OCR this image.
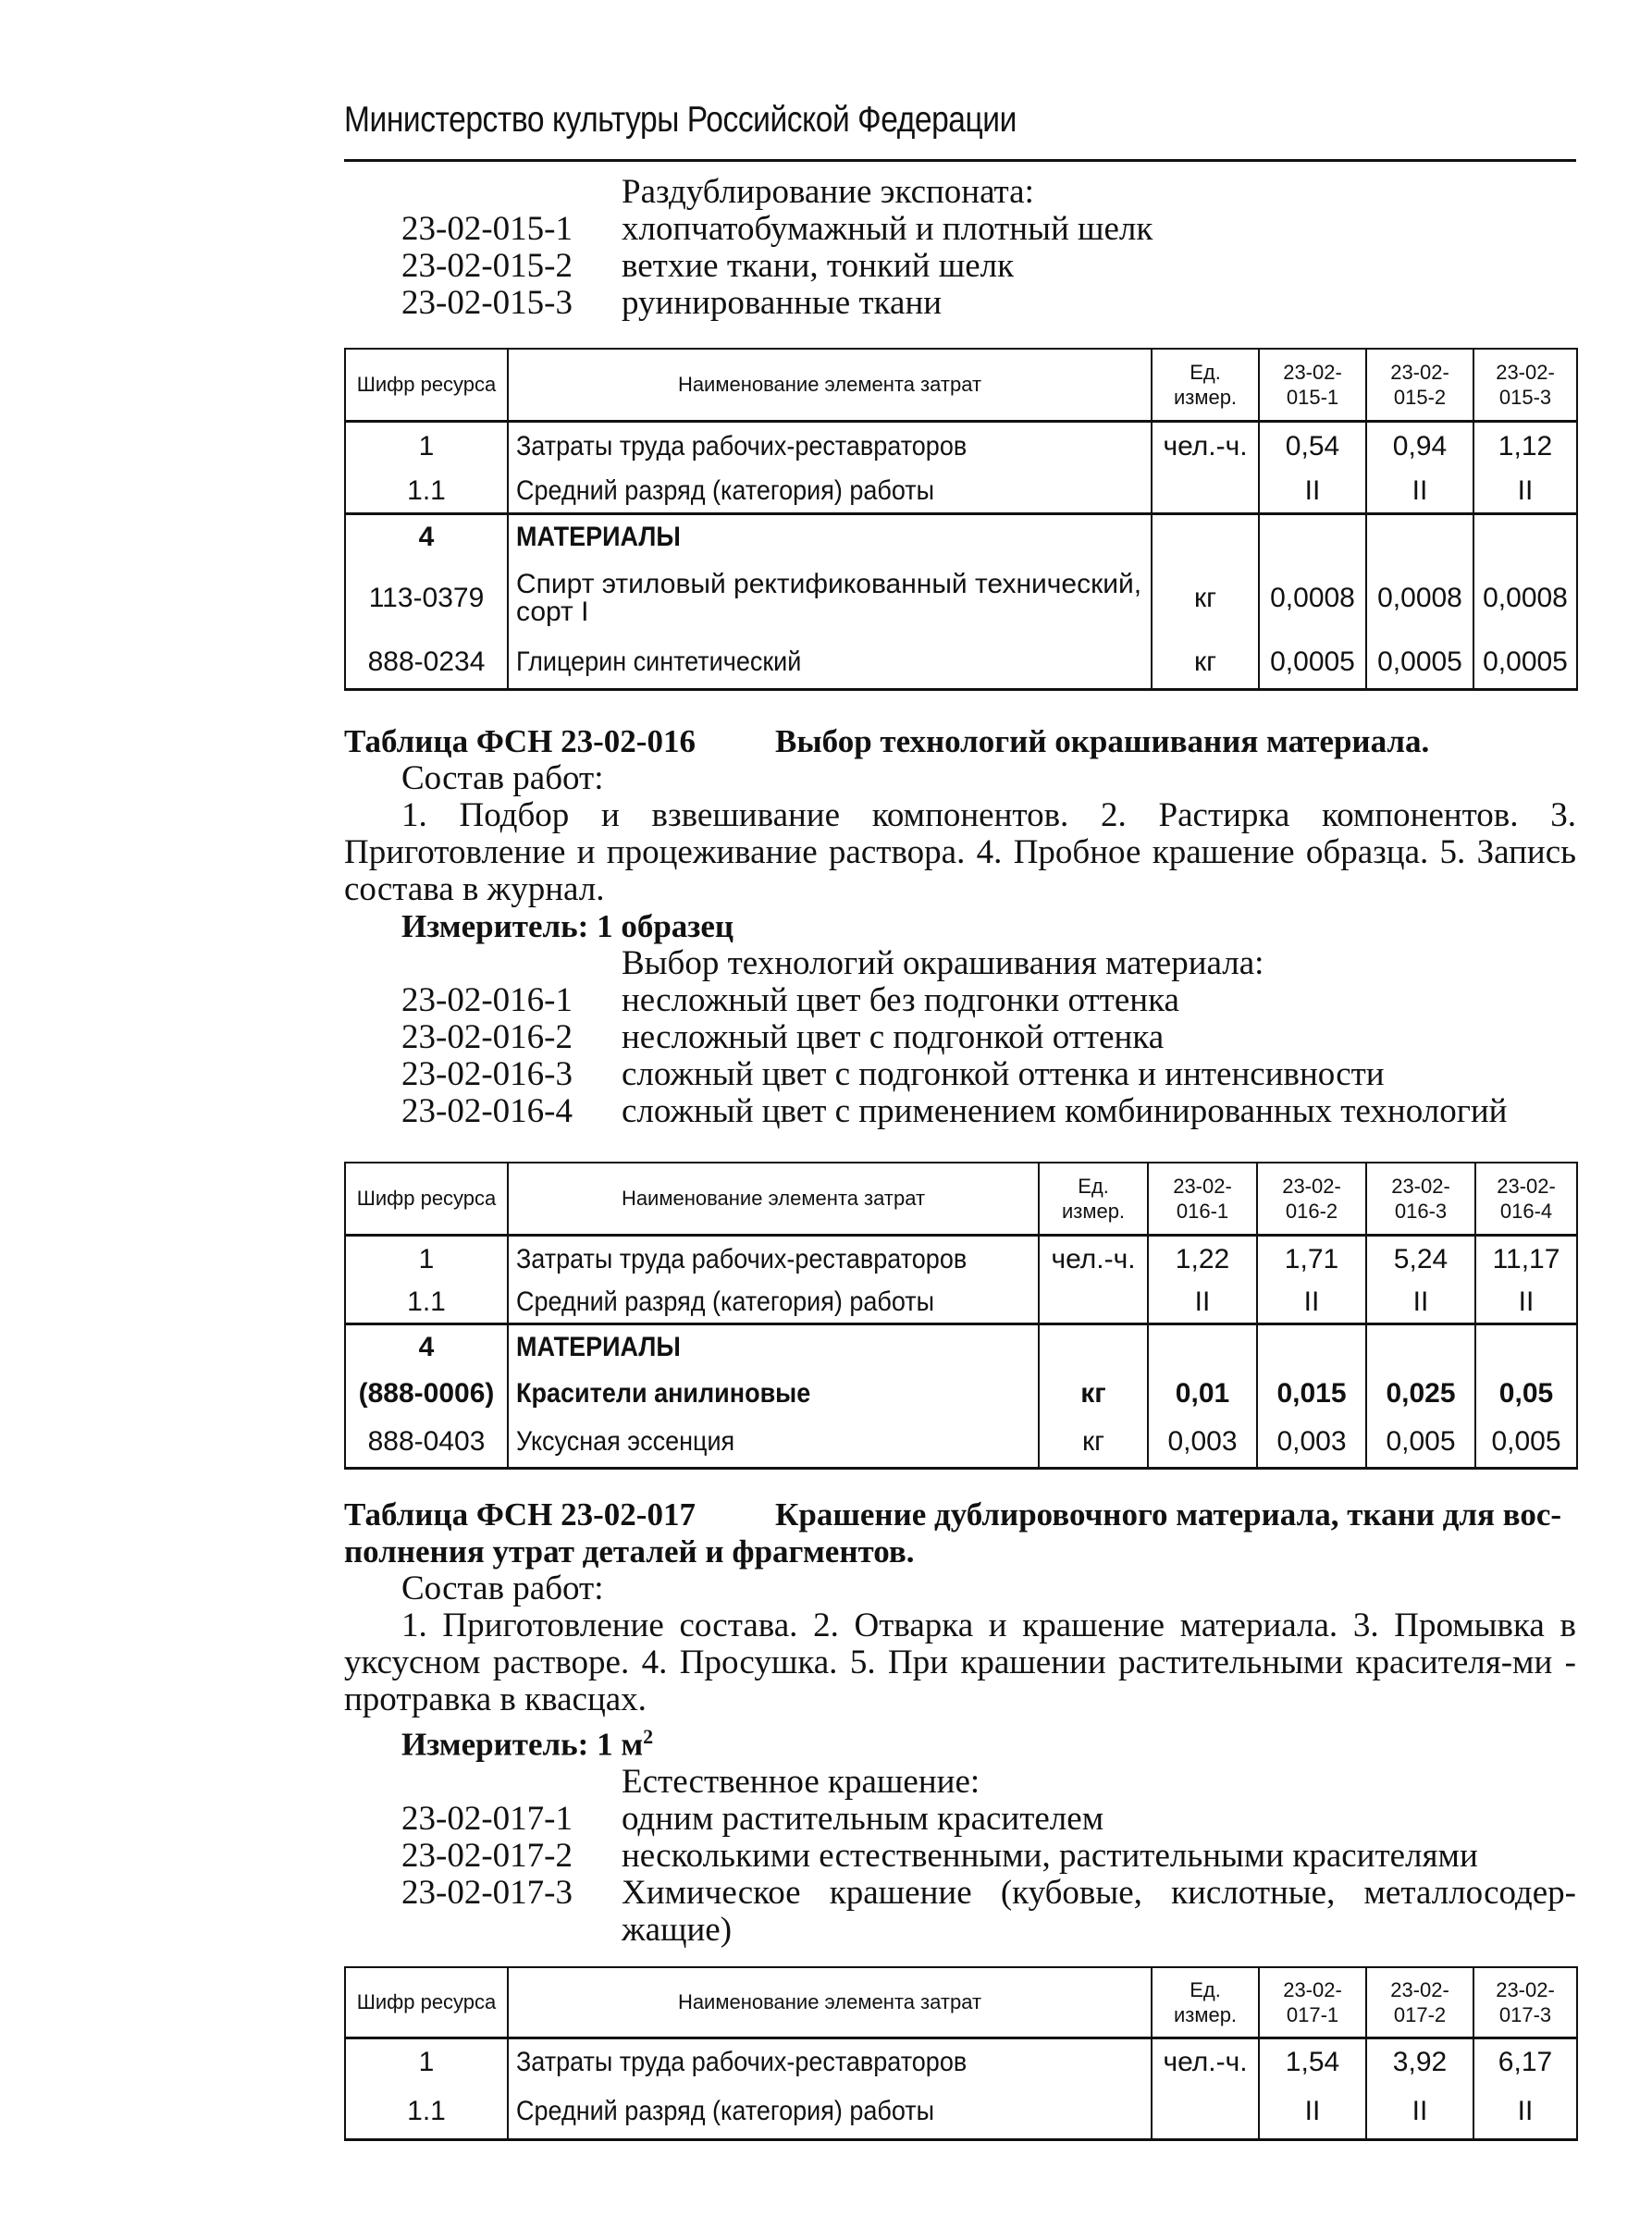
Министерство культуры Российской Федерации
Раздублирование экспоната:
23-02-015-1	хлопчатобумажный и плотный шелк
23-02-015-2	ветхие ткани, тонкий шелк
23-02-015-3	руинированные ткани
Шифр ресурса	Наименование элемента затрат	Ед. измер.	23-02-015-1	23-02-015-2	23-02-015-3
1	Затраты труда рабочих-реставраторов	чел.-ч.	0,54	0,94	1,12
1.1	Средний разряд (категория) работы		II	II	II
4	МАТЕРИАЛЫ				
113-0379	Спирт этиловый ректификованный технический, сорт I	кг	0,0008	0,0008	0,0008
888-0234	Глицерин синтетический	кг	0,0005	0,0005	0,0005
Таблица ФСН 23-02-016 Выбор технологий окрашивания материала.
Состав работ:
1. Подбор и взвешивание компонентов. 2. Растирка компонентов. 3. Приготовление и процеживание раствора. 4. Пробное крашение образца. 5. Запись состава в журнал.
Измеритель: 1 образец
Выбор технологий окрашивания материала:
23-02-016-1	несложный цвет без подгонки оттенка
23-02-016-2	несложный цвет с подгонкой оттенка
23-02-016-3	сложный цвет с подгонкой оттенка и интенсивности
23-02-016-4	сложный цвет с применением комбинированных технологий
Шифр ресурса	Наименование элемента затрат	Ед. измер.	23-02-016-1	23-02-016-2	23-02-016-3	23-02-016-4
1	Затраты труда рабочих-реставраторов	чел.-ч.	1,22	1,71	5,24	11,17
1.1	Средний разряд (категория) работы		II	II	II	II
4	МАТЕРИАЛЫ					
(888-0006)	Красители анилиновые	кг	0,01	0,015	0,025	0,05
888-0403	Уксусная эссенция	кг	0,003	0,003	0,005	0,005
Таблица ФСН 23-02-017 Крашение дублировочного материала, ткани для вос-
полнения утрат деталей и фрагментов.
Состав работ:
1. Приготовление состава. 2. Отварка и крашение материала. 3. Промывка в уксусном растворе. 4. Просушка. 5. При крашении растительными красителя-ми - протравка в квасцах.
Измеритель: 1 $м^2$
Естественное крашение:
23-02-017-1	одним растительным красителем
23-02-017-2	несколькими естественными, растительными красителями
23-02-017-3	Химическое крашение (кубовые, кислотные, металлосодер-жащие)
Шифр ресурса	Наименование элемента затрат	Ед. измер.	23-02-017-1	23-02-017-2	23-02-017-3
1	Затраты труда рабочих-реставраторов	чел.-ч.	1,54	3,92	6,17
1.1	Средний разряд (категория) работы		II	II	II
